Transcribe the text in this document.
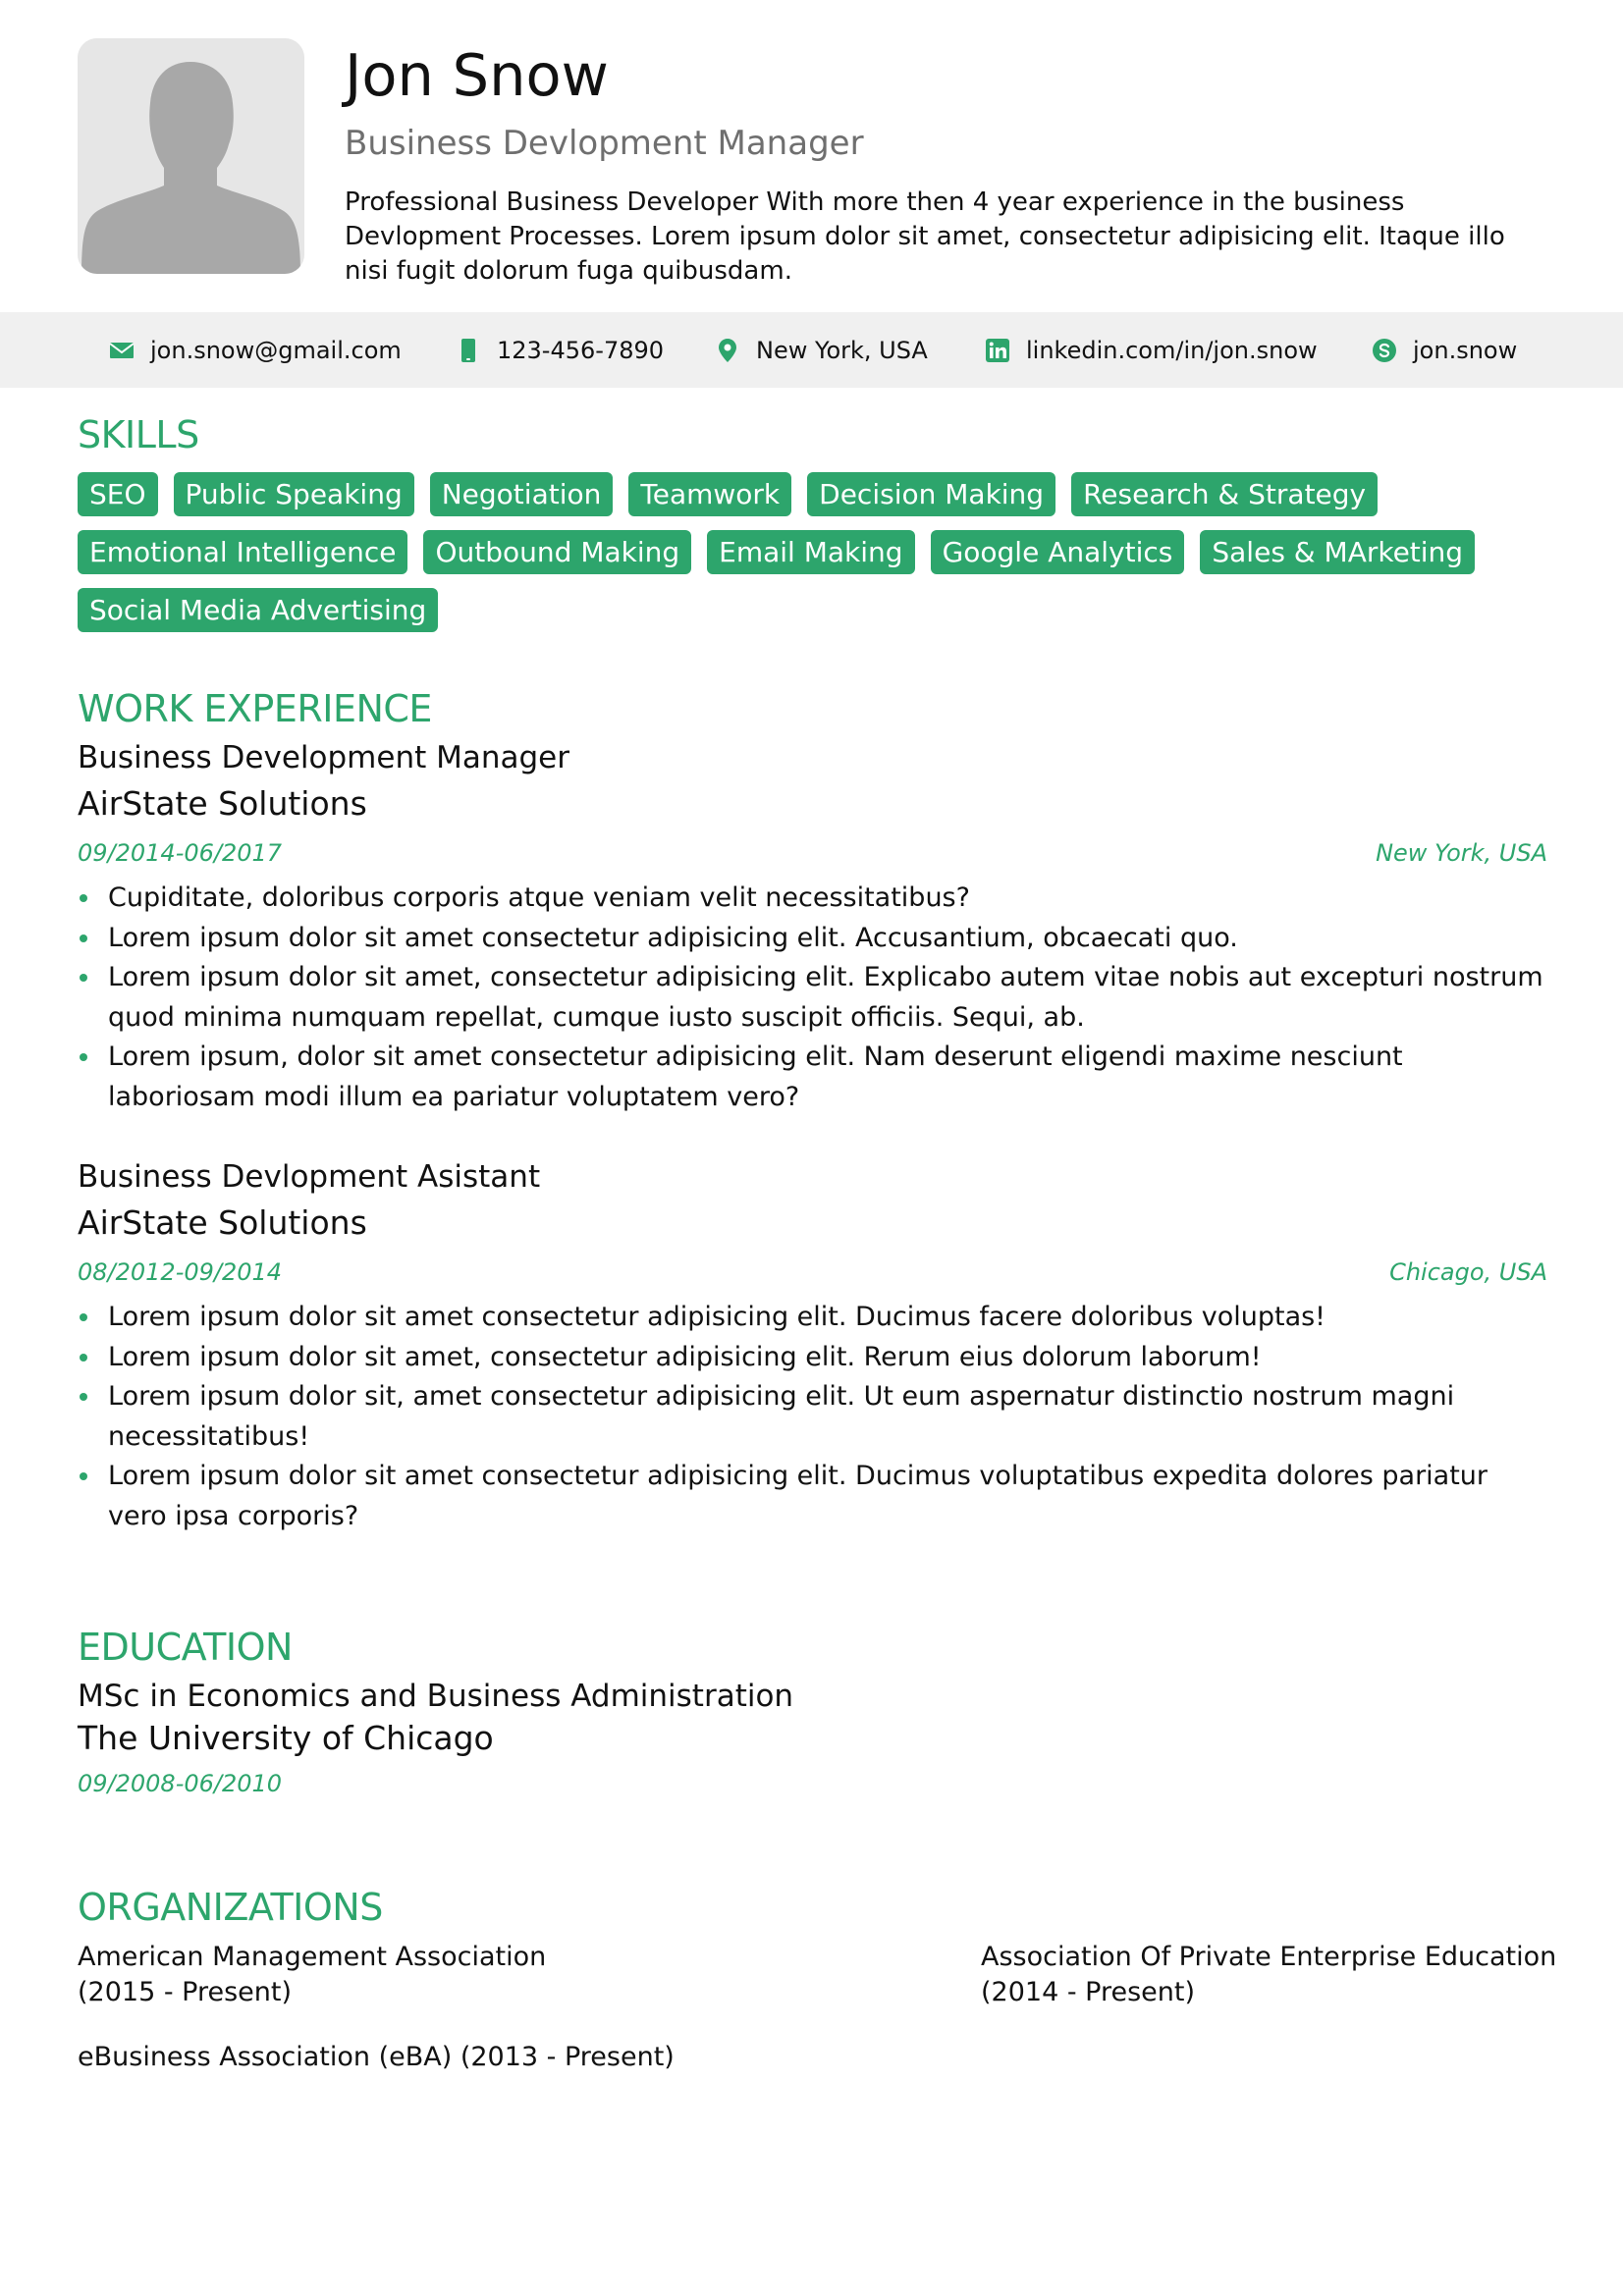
Jon Snow
Business Devlopment Manager
Professional Business Developer With more then 4 year experience in the business Devlopment Processes. Lorem ipsum dolor sit amet, consectetur adipisicing elit. Itaque illo nisi fugit dolorum fuga quibusdam.
jon.snow@gmail.com	123-456-7890	New York, USA	linkedin.com/in/jon.snow	jon.snow
SKILLS
SEO	Public Speaking	Negotiation	Teamwork	Decision Making	Research & Strategy
Emotional Intelligence	Outbound Making	Email Making	Google Analytics	Sales & MArketing
Social Media Advertising
WORK EXPERIENCE
Business Development Manager
AirState Solutions
09/2014-06/2017	New York, USA
Cupiditate, doloribus corporis atque veniam velit necessitatibus?
Lorem ipsum dolor sit amet consectetur adipisicing elit. Accusantium, obcaecati quo.
Lorem ipsum dolor sit amet, consectetur adipisicing elit. Explicabo autem vitae nobis aut excepturi nostrum quod minima numquam repellat, cumque iusto suscipit officiis. Sequi, ab.
Lorem ipsum, dolor sit amet consectetur adipisicing elit. Nam deserunt eligendi maxime nesciunt laboriosam modi illum ea pariatur voluptatem vero?
Business Devlopment Asistant
AirState Solutions
08/2012-09/2014	Chicago, USA
Lorem ipsum dolor sit amet consectetur adipisicing elit. Ducimus facere doloribus voluptas!
Lorem ipsum dolor sit amet, consectetur adipisicing elit. Rerum eius dolorum laborum!
Lorem ipsum dolor sit, amet consectetur adipisicing elit. Ut eum aspernatur distinctio nostrum magni necessitatibus!
Lorem ipsum dolor sit amet consectetur adipisicing elit. Ducimus voluptatibus expedita dolores pariatur vero ipsa corporis?
EDUCATION
MSc in Economics and Business Administration
The University of Chicago
09/2008-06/2010
ORGANIZATIONS
American Management Association
(2015 - Present)
Association Of Private Enterprise Education
(2014 - Present)
eBusiness Association (eBA) (2013 - Present)
